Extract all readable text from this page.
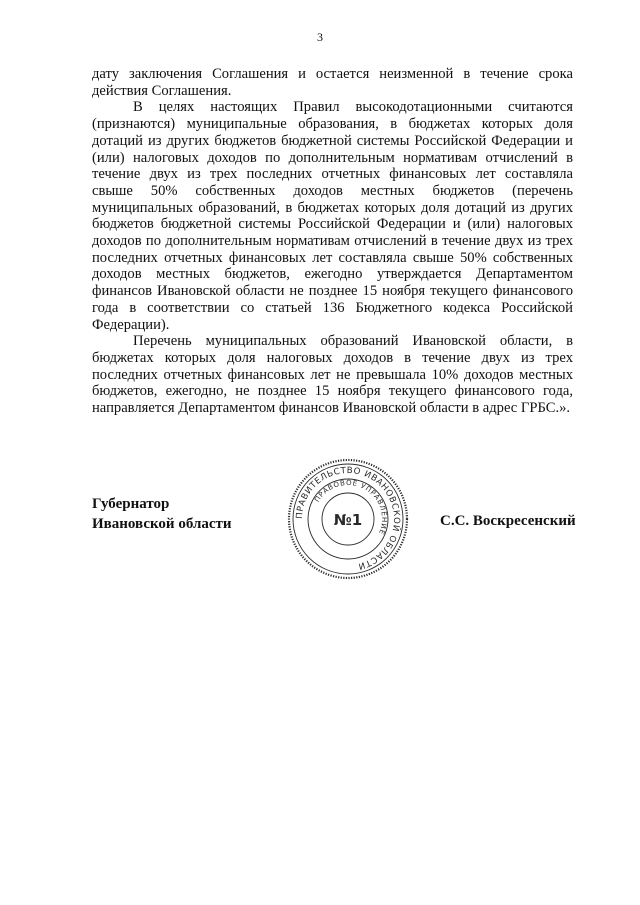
3

дату заключения Соглашения и остается неизменной в течение срока действия Соглашения.

В целях настоящих Правил высокодотационными считаются (признаются) муниципальные образования, в бюджетах которых доля дотаций из других бюджетов бюджетной системы Российской Федерации и (или) налоговых доходов по дополнительным нормативам отчислений в течение двух из трех последних отчетных финансовых лет составляла свыше 50% собственных доходов местных бюджетов (перечень муниципальных образований, в бюджетах которых доля дотаций из других бюджетов бюджетной системы Российской Федерации и (или) налоговых доходов по дополнительным нормативам отчислений в течение двух из трех последних отчетных финансовых лет составляла свыше 50% собственных доходов местных бюджетов, ежегодно утверждается Департаментом финансов Ивановской области не позднее 15 ноября текущего финансового года в соответствии со статьей 136 Бюджетного кодекса Российской Федерации).

Перечень муниципальных образований Ивановской области, в бюджетах которых доля налоговых доходов в течение двух из трех последних отчетных финансовых лет не превышала 10% доходов местных бюджетов, ежегодно, не позднее 15 ноября текущего финансового года, направляется Департаментом финансов Ивановской области в адрес ГРБС.».

Губернатор
Ивановской области	С.С. Воскресенский
ПРАВИТЕЛЬСТВО ИВАНОВСКОЙ ОБЛАСТИ
ПРАВОВОЕ УПРАВЛЕНИЕ
№1
